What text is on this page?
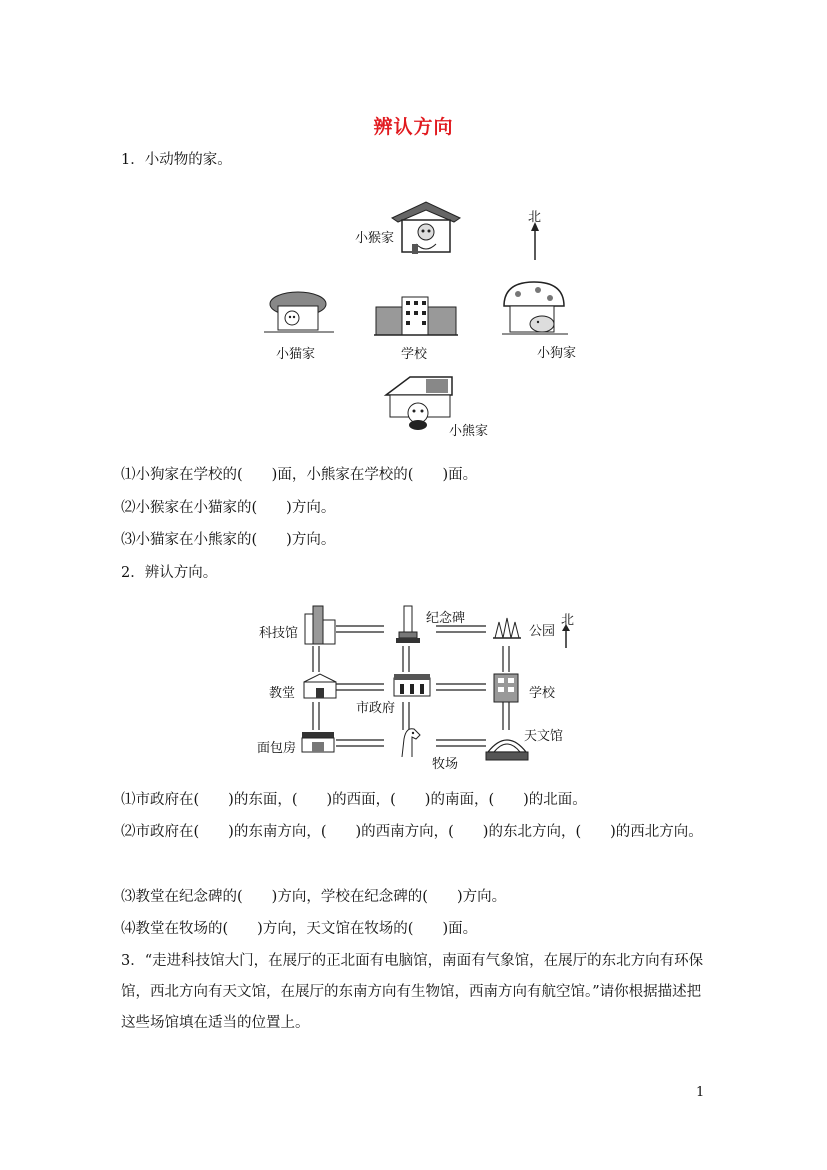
辨认方向
1．小动物的家。
北
小猴家
小猫家	学校	小狗家
小熊家
⑴小狗家在学校的(　　)面，小熊家在学校的(　　)面。
⑵小猴家在小猫家的(　　)方向。
⑶小猫家在小熊家的(　　)方向。
2．辨认方向。
北
科技馆
纪念碑
公园
教堂
市政府
学校
面包房
牧场
天文馆
⑴市政府在(　　)的东面，(　　)的西面，(　　)的南面，(　　)的北面。
⑵市政府在(　　)的东南方向，(　　)的西南方向，(　　)的东北方向，(　　)的西北方向。
⑶教堂在纪念碑的(　　)方向，学校在纪念碑的(　　)方向。
⑷教堂在牧场的(　　)方向，天文馆在牧场的(　　)面。
3．“走进科技馆大门，在展厅的正北面有电脑馆，南面有气象馆，在展厅的东北方向有环保馆，西北方向有天文馆，在展厅的东南方向有生物馆，西南方向有航空馆。”请你根据描述把这些场馆填在适当的位置上。
1
